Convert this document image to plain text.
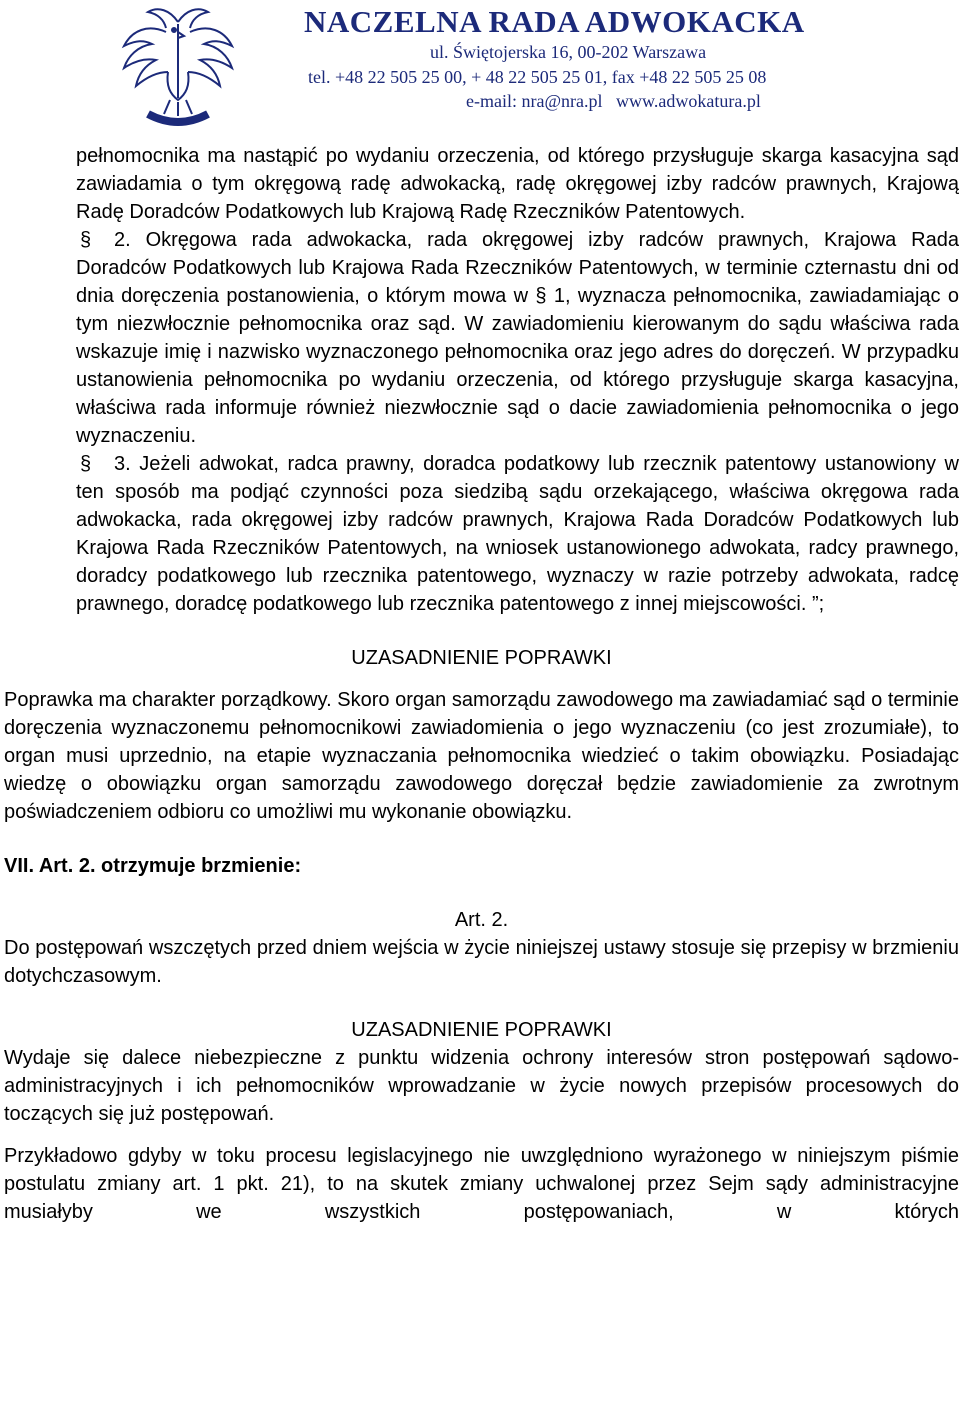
NACZELNA RADA ADWOKACKA
ul. Świętojerska 16, 00-202 Warszawa
tel. +48 22 505 25 00, + 48 22 505 25 01, fax +48 22 505 25 08
e-mail: nra@nra.pl www.adwokatura.pl

pełnomocnika ma nastąpić po wydaniu orzeczenia, od którego przysługuje skarga kasacyjna sąd zawiadamia o tym okręgową radę adwokacką, radę okręgowej izby radców prawnych, Krajową Radę Doradców Podatkowych lub Krajową Radę Rzeczników Patentowych.

§ 2. Okręgowa rada adwokacka, rada okręgowej izby radców prawnych, Krajowa Rada Doradców Podatkowych lub Krajowa Rada Rzeczników Patentowych, w terminie czternastu dni od dnia doręczenia postanowienia, o którym mowa w § 1, wyznacza pełnomocnika, zawiadamiając o tym niezwłocznie pełnomocnika oraz sąd. W zawiadomieniu kierowanym do sądu właściwa rada wskazuje imię i nazwisko wyznaczonego pełnomocnika oraz jego adres do doręczeń. W przypadku ustanowienia pełnomocnika po wydaniu orzeczenia, od którego przysługuje skarga kasacyjna, właściwa rada informuje również niezwłocznie sąd o dacie zawiadomienia pełnomocnika o jego wyznaczeniu.

§ 3. Jeżeli adwokat, radca prawny, doradca podatkowy lub rzecznik patentowy ustanowiony w ten sposób ma podjąć czynności poza siedzibą sądu orzekającego, właściwa okręgowa rada adwokacka, rada okręgowej izby radców prawnych, Krajowa Rada Doradców Podatkowych lub Krajowa Rada Rzeczników Patentowych, na wniosek ustanowionego adwokata, radcy prawnego, doradcy podatkowego lub rzecznika patentowego, wyznaczy w razie potrzeby adwokata, radcę prawnego, doradcę podatkowego lub rzecznika patentowego z innej miejscowości. ”;

UZASADNIENIE POPRAWKI

Poprawka ma charakter porządkowy. Skoro organ samorządu zawodowego ma zawiadamiać sąd o terminie doręczenia wyznaczonemu pełnomocnikowi zawiadomienia o jego wyznaczeniu (co jest zrozumiałe), to organ musi uprzednio, na etapie wyznaczania pełnomocnika wiedzieć o takim obowiązku. Posiadając wiedzę o obowiązku organ samorządu zawodowego doręczał będzie zawiadomienie za zwrotnym poświadczeniem odbioru co umożliwi mu wykonanie obowiązku.

VII. Art. 2. otrzymuje brzmienie:

Art. 2.

Do postępowań wszczętych przed dniem wejścia w życie niniejszej ustawy stosuje się przepisy w brzmieniu dotychczasowym.

UZASADNIENIE POPRAWKI

Wydaje się dalece niebezpieczne z punktu widzenia ochrony interesów stron postępowań sądowo-administracyjnych i ich pełnomocników wprowadzanie w życie nowych przepisów procesowych do toczących się już postępowań.

Przykładowo gdyby w toku procesu legislacyjnego nie uwzględniono wyrażonego w niniejszym piśmie postulatu zmiany art. 1 pkt. 21), to na skutek zmiany uchwalonej przez Sejm sądy administracyjne musiałyby we wszystkich postępowaniach, w których
